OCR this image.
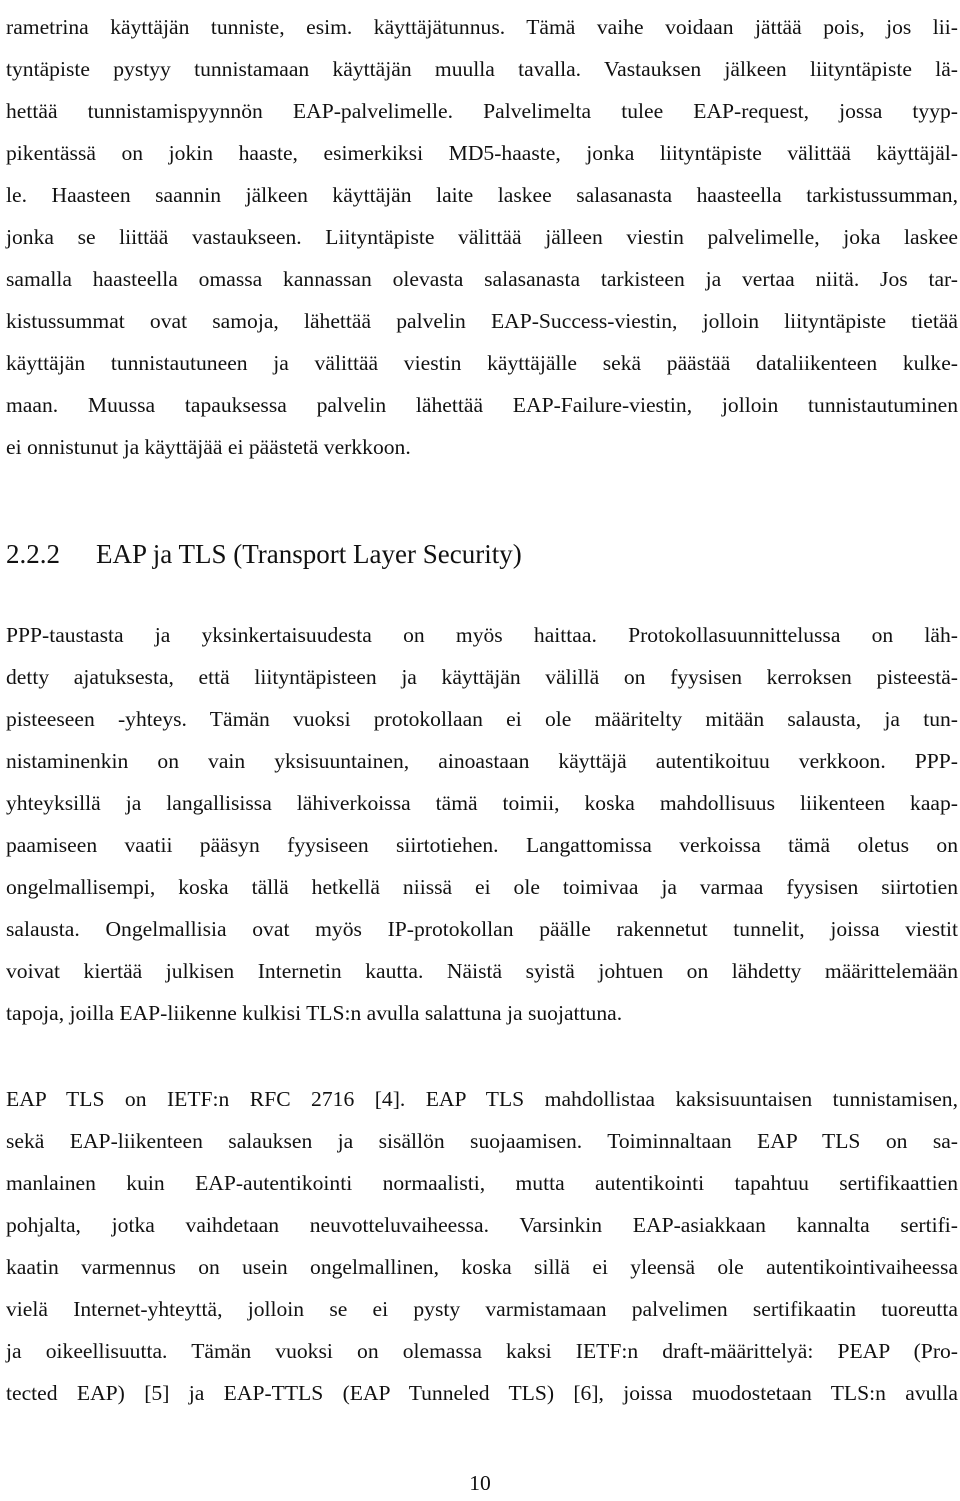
rametrina käyttäjän tunniste, esim. käyttäjätunnus. Tämä vaihe voidaan jättää pois, jos lii-
tyntäpiste pystyy tunnistamaan käyttäjän muulla tavalla. Vastauksen jälkeen liityntäpiste lä-
hettää tunnistamispyynnön EAP-palvelimelle. Palvelimelta tulee EAP-request, jossa tyyp-
pikentässä on jokin haaste, esimerkiksi MD5-haaste, jonka liityntäpiste välittää käyttäjäl-
le. Haasteen saannin jälkeen käyttäjän laite laskee salasanasta haasteella tarkistussumman,
jonka se liittää vastaukseen. Liityntäpiste välittää jälleen viestin palvelimelle, joka laskee
samalla haasteella omassa kannassan olevasta salasanasta tarkisteen ja vertaa niitä. Jos tar-
kistussummat ovat samoja, lähettää palvelin EAP-Success-viestin, jolloin liityntäpiste tietää
käyttäjän tunnistautuneen ja välittää viestin käyttäjälle sekä päästää dataliikenteen kulke-
maan. Muussa tapauksessa palvelin lähettää EAP-Failure-viestin, jolloin tunnistautuminen
ei onnistunut ja käyttäjää ei päästetä verkkoon.
2.2.2 EAP ja TLS (Transport Layer Security)
PPP-taustasta ja yksinkertaisuudesta on myös haittaa. Protokollasuunnittelussa on läh-
detty ajatuksesta, että liityntäpisteen ja käyttäjän välillä on fyysisen kerroksen pisteestä-
pisteeseen -yhteys. Tämän vuoksi protokollaan ei ole määritelty mitään salausta, ja tun-
nistaminenkin on vain yksisuuntainen, ainoastaan käyttäjä autentikoituu verkkoon. PPP-
yhteyksillä ja langallisissa lähiverkoissa tämä toimii, koska mahdollisuus liikenteen kaap-
paamiseen vaatii pääsyn fyysiseen siirtotiehen. Langattomissa verkoissa tämä oletus on
ongelmallisempi, koska tällä hetkellä niissä ei ole toimivaa ja varmaa fyysisen siirtotien
salausta. Ongelmallisia ovat myös IP-protokollan päälle rakennetut tunnelit, joissa viestit
voivat kiertää julkisen Internetin kautta. Näistä syistä johtuen on lähdetty määrittelemään
tapoja, joilla EAP-liikenne kulkisi TLS:n avulla salattuna ja suojattuna.
EAP TLS on IETF:n RFC 2716 [4]. EAP TLS mahdollistaa kaksisuuntaisen tunnistamisen,
sekä EAP-liikenteen salauksen ja sisällön suojaamisen. Toiminnaltaan EAP TLS on sa-
manlainen kuin EAP-autentikointi normaalisti, mutta autentikointi tapahtuu sertifikaattien
pohjalta, jotka vaihdetaan neuvotteluvaiheessa. Varsinkin EAP-asiakkaan kannalta sertifi-
kaatin varmennus on usein ongelmallinen, koska sillä ei yleensä ole autentikointivaiheessa
vielä Internet-yhteyttä, jolloin se ei pysty varmistamaan palvelimen sertifikaatin tuoreutta
ja oikeellisuutta. Tämän vuoksi on olemassa kaksi IETF:n draft-määrittelyä: PEAP (Pro-
tected EAP) [5] ja EAP-TTLS (EAP Tunneled TLS) [6], joissa muodostetaan TLS:n avulla
10
